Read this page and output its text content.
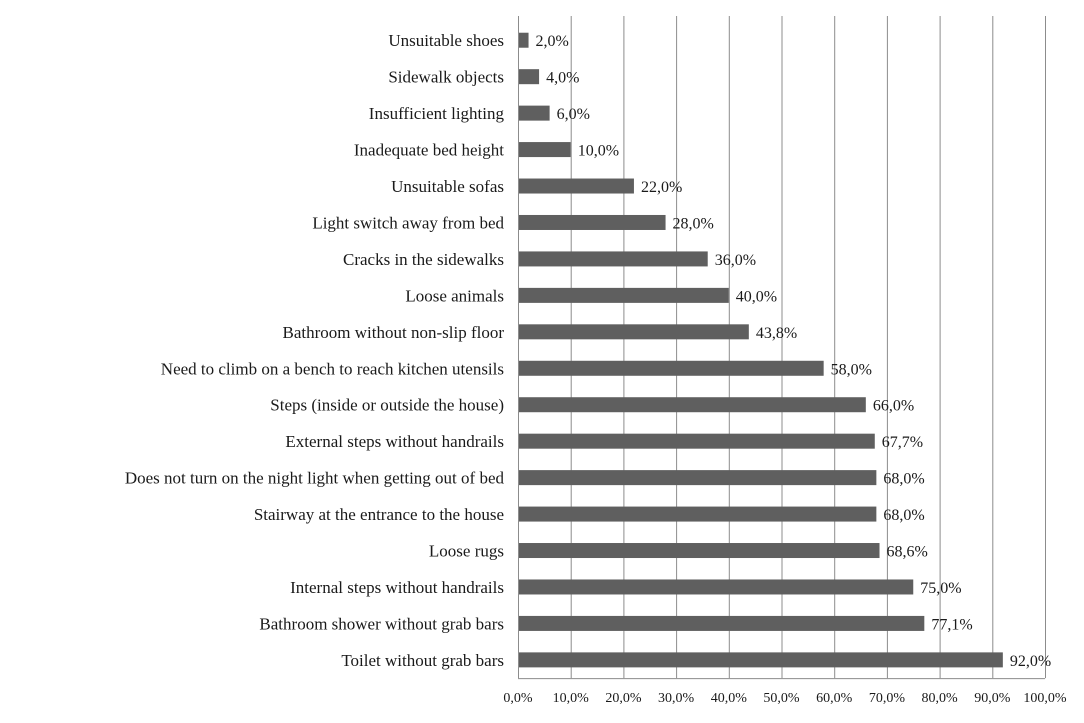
0,0% 10,0% 20,0% 30,0% 40,0% 50,0% 60,0% 70,0% 80,0% 90,0% 100,0%
Unsuitable shoes 2,0%
Sidewalk objects	4,0%
Insufficient lighting	6,0%
Inadequate bed height	10,0%
Unsuitable sofas	22,0%
Light switch away from bed	28,0%
Cracks in the sidewalks	36,0%
Loose animals	40,0%
Bathroom without non-slip floor	43,8%
Need to climb on a bench to reach kitchen utensils	58,0%
Steps (inside or outside the house)	66,0%
External steps without handrails	67,7%
Does not turn on the night light when getting out of bed	68,0%
Stairway at the entrance to the house	68,0%
Loose rugs	68,6%
Internal steps without handrails	75,0%
Bathroom shower without grab bars	77,1%
Toilet without grab bars	92,0%
